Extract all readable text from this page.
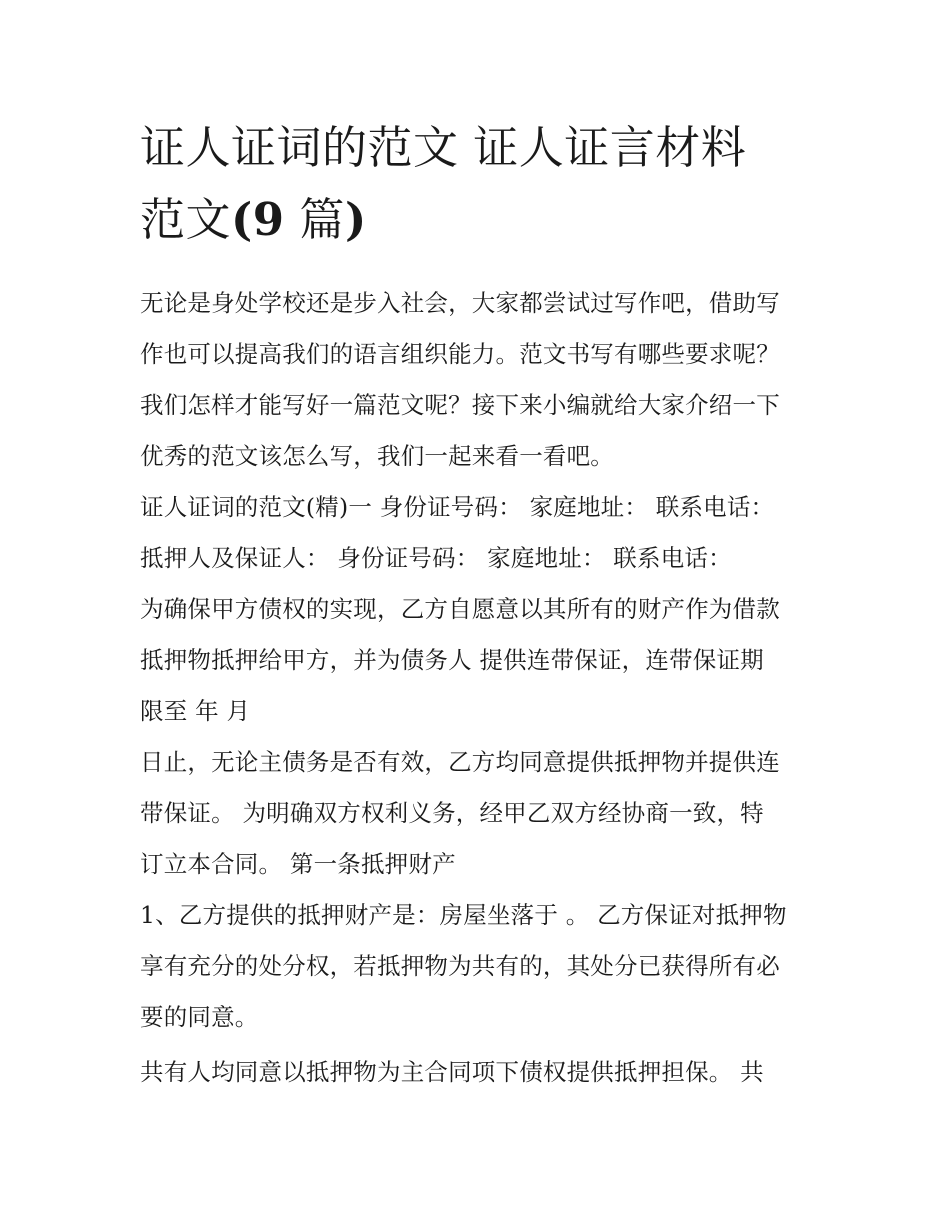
证人证词的范文 证人证言材料
范文(9 篇)

无论是身处学校还是步入社会，大家都尝试过写作吧，借助写
作也可以提高我们的语言组织能力。范文书写有哪些要求呢？
我们怎样才能写好一篇范文呢？接下来小编就给大家介绍一下
优秀的范文该怎么写，我们一起来看一看吧。

证人证词的范文(精)一 身份证号码： 家庭地址： 联系电话：

抵押人及保证人： 身份证号码： 家庭地址： 联系电话：

为确保甲方债权的实现，乙方自愿意以其所有的财产作为借款
抵押物抵押给甲方，并为债务人 提供连带保证，连带保证期
限至 年 月

日止，无论主债务是否有效，乙方均同意提供抵押物并提供连
带保证。 为明确双方权利义务，经甲乙双方经协商一致，特
订立本合同。 第一条抵押财产

1、乙方提供的抵押财产是：房屋坐落于 。 乙方保证对抵押物
享有充分的处分权，若抵押物为共有的，其处分已获得所有必
要的同意。

共有人均同意以抵押物为主合同项下债权提供抵押担保。 共
